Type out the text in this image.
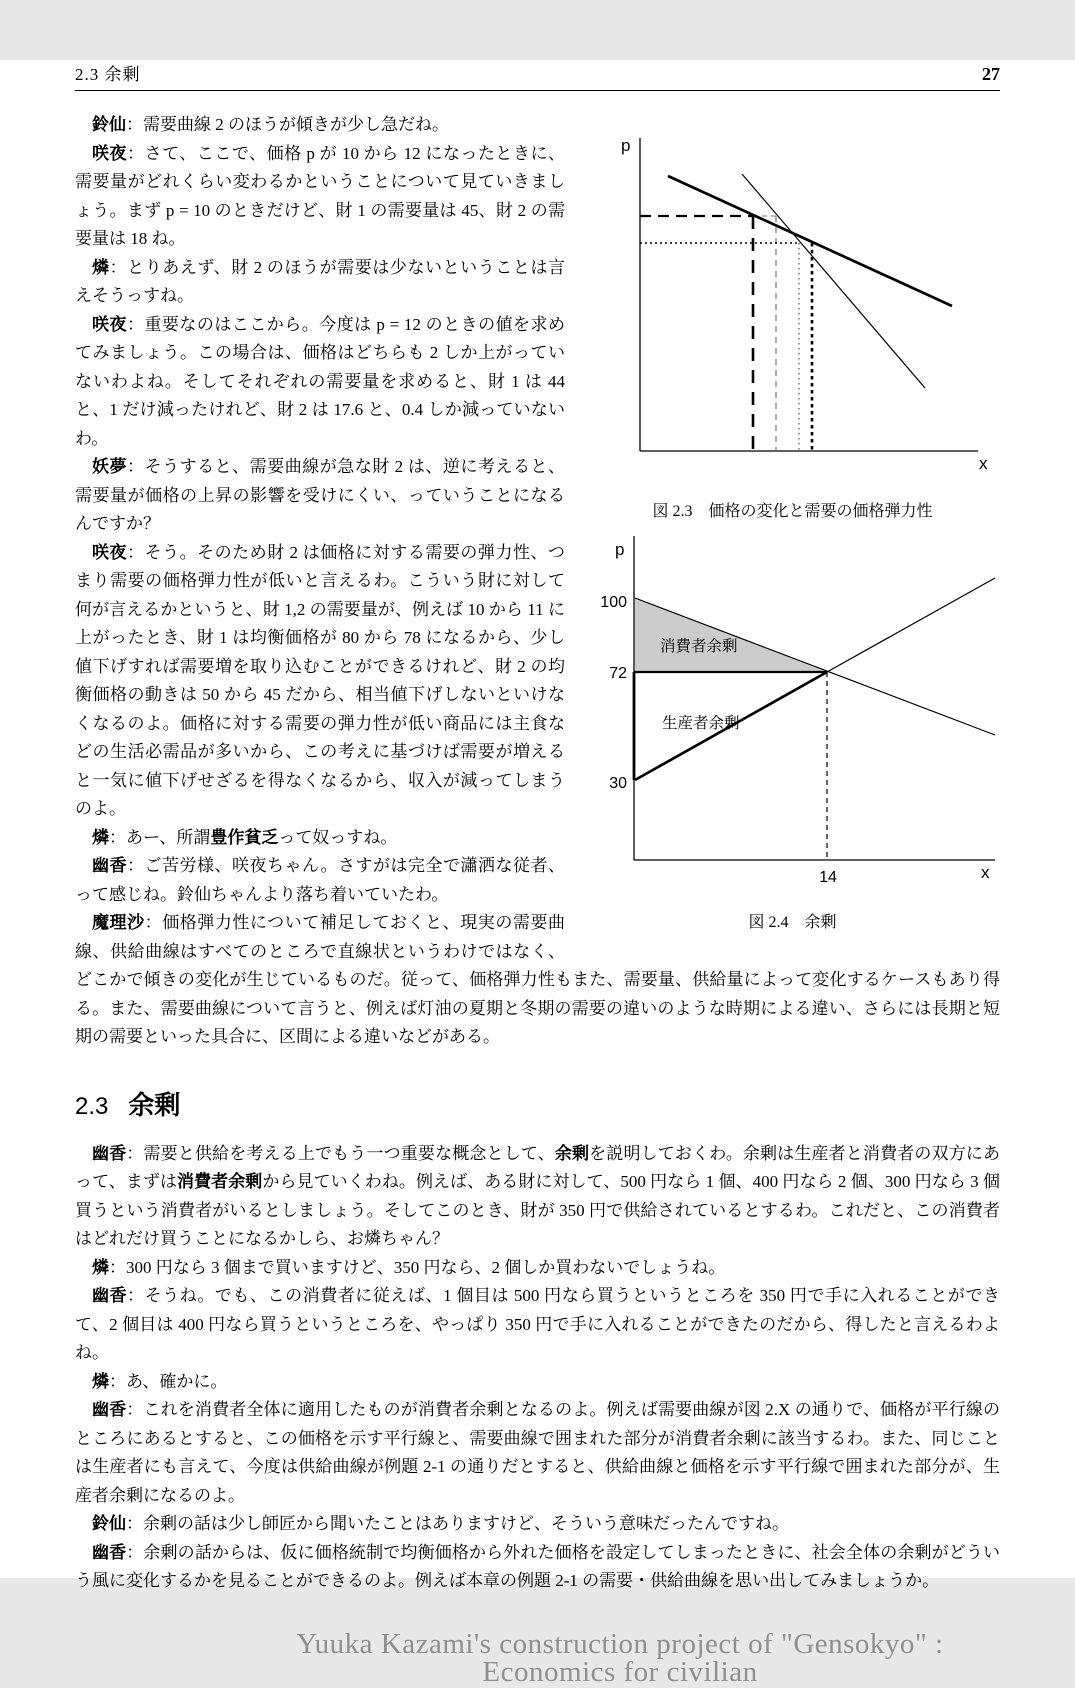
2.3 余剰	27
p
x
図 2.3　価格の変化と需要の価格弾力性
p
100
72
30
14	x
消費者余剰
生産者余剰
図 2.4　余剰

鈴仙：需要曲線 2 のほうが傾きが少し急だね。

咲夜：さて、ここで、価格 p が 10 から 12 になったときに、需要量がどれくらい変わるかということについて見ていきましょう。まず p = 10 のときだけど、財 1 の需要量は 45、財 2 の需要量は 18 ね。

燐：とりあえず、財 2 のほうが需要は少ないということは言えそうっすね。

咲夜：重要なのはここから。今度は p = 12 のときの値を求めてみましょう。この場合は、価格はどちらも 2 しか上がっていないわよね。そしてそれぞれの需要量を求めると、財 1 は 44 と、1 だけ減ったけれど、財 2 は 17.6 と、0.4 しか減っていないわ。

妖夢：そうすると、需要曲線が急な財 2 は、逆に考えると、需要量が価格の上昇の影響を受けにくい、っていうことになるんですか？

咲夜：そう。そのため財 2 は価格に対する需要の弾力性、つまり需要の価格弾力性が低いと言えるわ。こういう財に対して何が言えるかというと、財 1,2 の需要量が、例えば 10 から 11 に上がったとき、財 1 は均衡価格が 80 から 78 になるから、少し値下げすれば需要増を取り込むことができるけれど、財 2 の均衡価格の動きは 50 から 45 だから、相当値下げしないといけなくなるのよ。価格に対する需要の弾力性が低い商品には主食などの生活必需品が多いから、この考えに基づけば需要が増えると一気に値下げせざるを得なくなるから、収入が減ってしまうのよ。

燐：あー、所謂豊作貧乏って奴っすね。

幽香：ご苦労様、咲夜ちゃん。さすがは完全で瀟洒な従者、って感じね。鈴仙ちゃんより落ち着いていたわ。

魔理沙：価格弾力性について補足しておくと、現実の需要曲線、供給曲線はすべてのところで直線状というわけではなく、どこかで傾きの変化が生じているものだ。従って、価格弾力性もまた、需要量、供給量によって変化するケースもあり得る。また、需要曲線について言うと、例えば灯油の夏期と冬期の需要の違いのような時期による違い、さらには長期と短期の需要といった具合に、区間による違いなどがある。

2.3 余剰

幽香：需要と供給を考える上でもう一つ重要な概念として、余剰を説明しておくわ。余剰は生産者と消費者の双方にあって、まずは消費者余剰から見ていくわね。例えば、ある財に対して、500 円なら 1 個、400 円なら 2 個、300 円なら 3 個買うという消費者がいるとしましょう。そしてこのとき、財が 350 円で供給されているとするわ。これだと、この消費者はどれだけ買うことになるかしら、お燐ちゃん？

燐：300 円なら 3 個まで買いますけど、350 円なら、2 個しか買わないでしょうね。

幽香：そうね。でも、この消費者に従えば、1 個目は 500 円なら買うというところを 350 円で手に入れることができて、2 個目は 400 円なら買うというところを、やっぱり 350 円で手に入れることができたのだから、得したと言えるわよね。

燐：あ、確かに。

幽香：これを消費者全体に適用したものが消費者余剰となるのよ。例えば需要曲線が図 2.X の通りで、価格が平行線のところにあるとすると、この価格を示す平行線と、需要曲線で囲まれた部分が消費者余剰に該当するわ。また、同じことは生産者にも言えて、今度は供給曲線が例題 2-1 の通りだとすると、供給曲線と価格を示す平行線で囲まれた部分が、生産者余剰になるのよ。

鈴仙：余剰の話は少し師匠から聞いたことはありますけど、そういう意味だったんですね。

幽香：余剰の話からは、仮に価格統制で均衡価格から外れた価格を設定してしまったときに、社会全体の余剰がどういう風に変化するかを見ることができるのよ。例えば本章の例題 2-1 の需要・供給曲線を思い出してみましょうか。

Yuuka Kazami's construction project of "Gensokyo" : Economics for civilian
